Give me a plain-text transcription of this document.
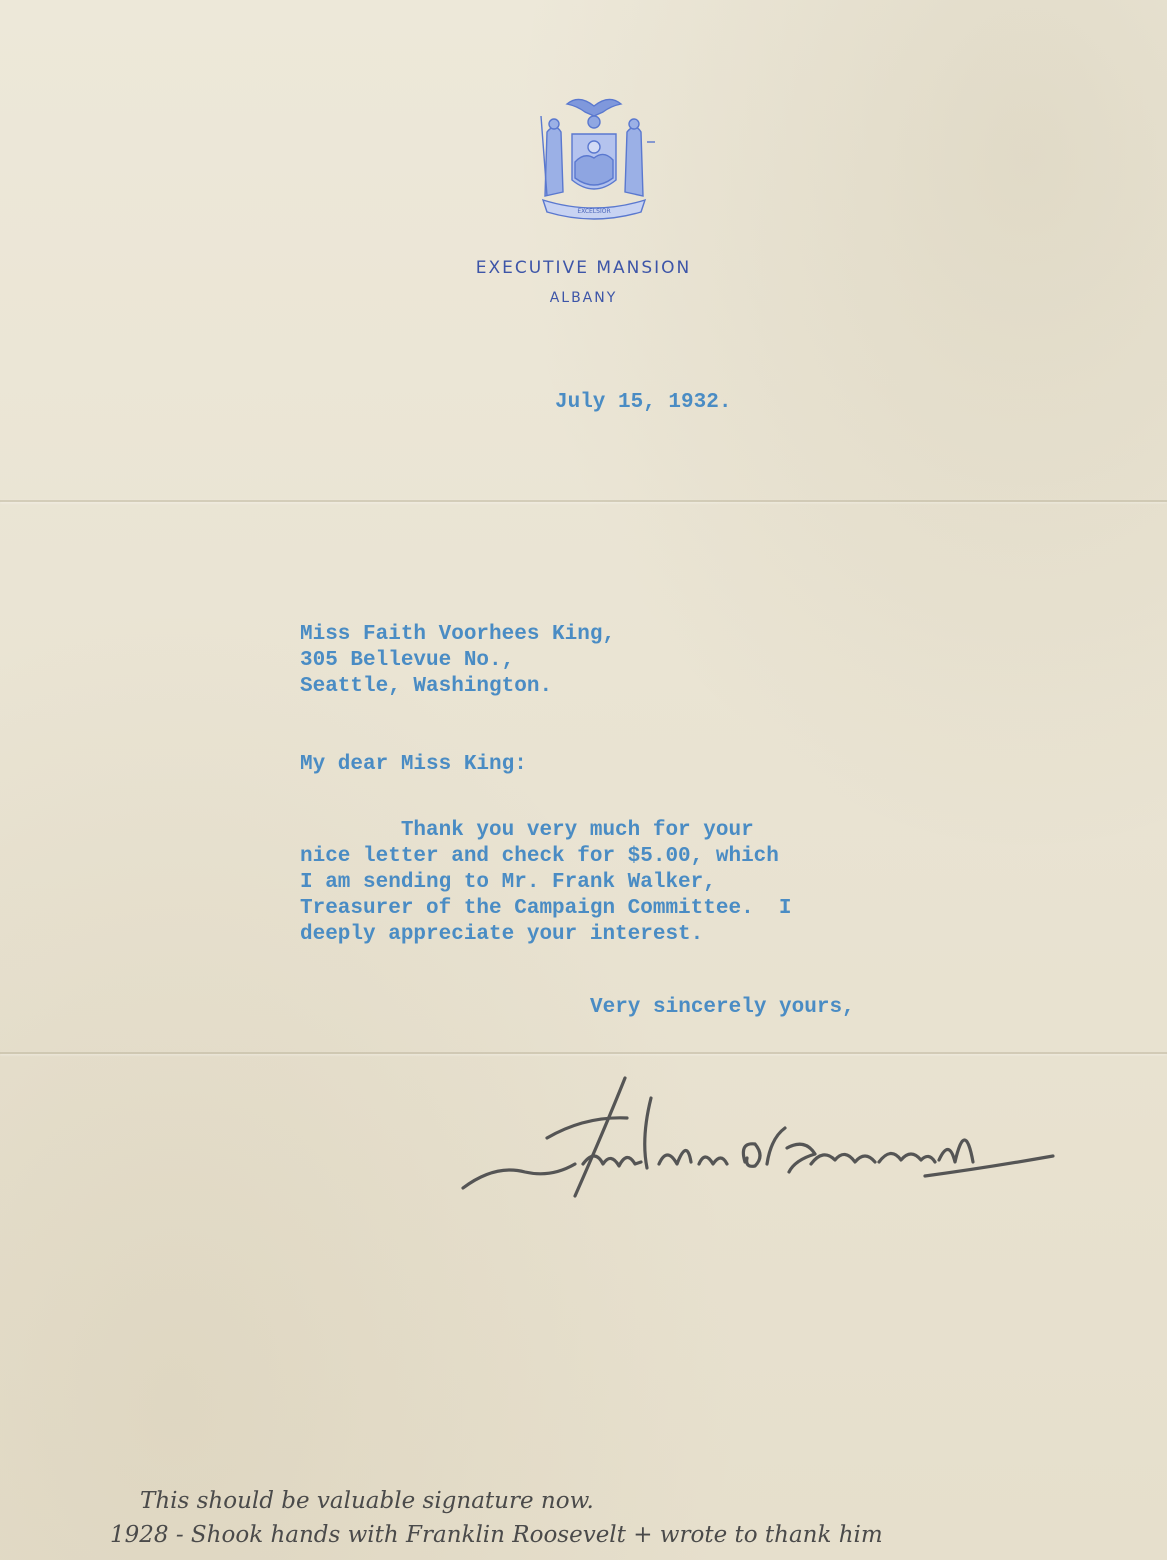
EXCELSIOR
EXECUTIVE MANSION
ALBANY
July 15, 1932.
Miss Faith Voorhees King,
305 Bellevue No.,
Seattle, Washington.
My dear Miss King:
Thank you very much for your
nice letter and check for $5.00, which
I am sending to Mr. Frank Walker,
Treasurer of the Campaign Committee.  I
deeply appreciate your interest.
Very sincerely yours,
This should be valuable signature now.
1928 - Shook hands with Franklin Roosevelt + wrote to thank him
